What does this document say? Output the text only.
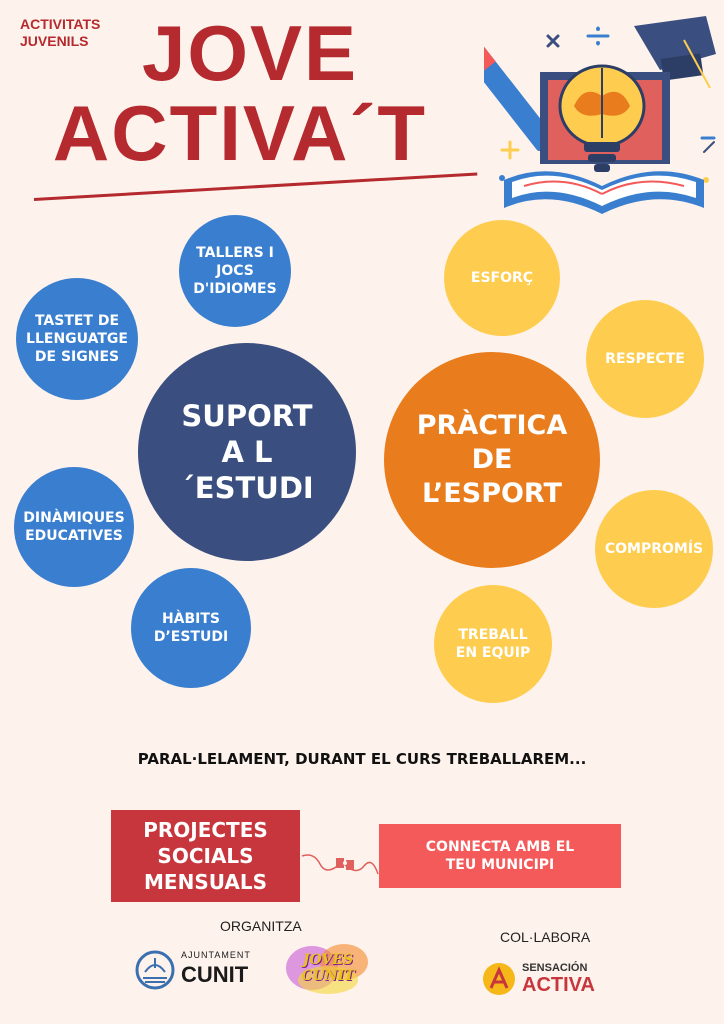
ACTIVITATS JUVENILS JOVE
ACTIVA´T
SUPORT A L´ESTUDI
TALLERS I JOCS D'IDIOMES
TASTET DE LLENGUATGE DE SIGNES
DINÀMIQUES EDUCATIVES
HÀBITS D’ESTUDI
PRÀCTICA DE L’ESPORT
ESFORÇ
RESPECTE
COMPROMÍS
TREBALL EN EQUIP
PARAL·LELAMENT, DURANT EL CURS TREBALLAREM...
PROJECTES SOCIALS MENSUALS
CONNECTA AMB EL TEU MUNICIPI
ORGANITZA
COL·LABORA
AJUNTAMENT
CUNIT
JOVES CUNIT	SENSACIÓN
ACTIVA
